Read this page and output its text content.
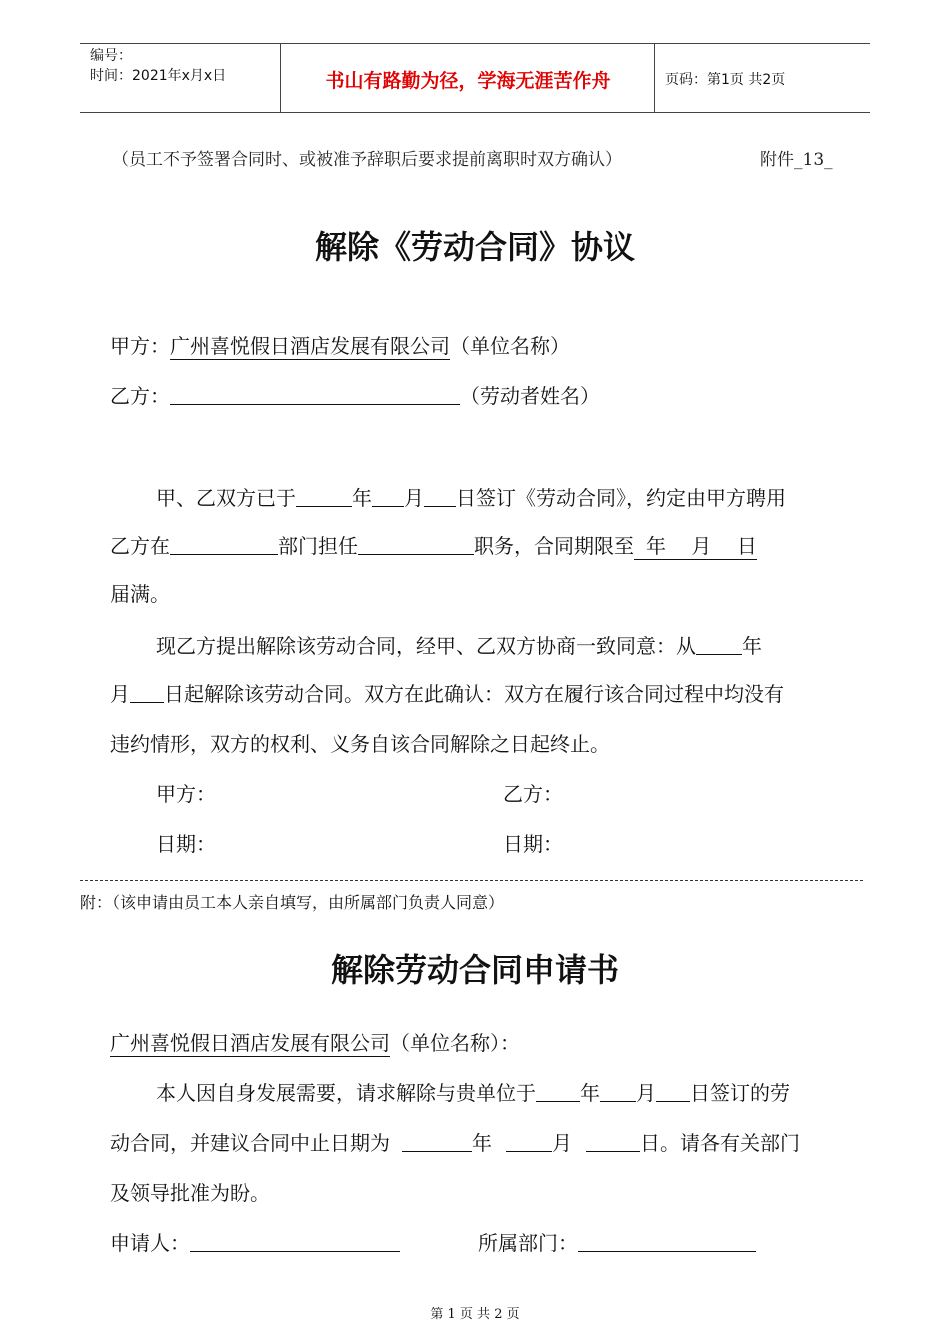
编号：
时间：2021年x月x日	书山有路勤为径，学海无涯苦作舟	页码：第1页 共2页
（员工不予签署合同时、或被准予辞职后要求提前离职时双方确认）	附件_13_
解除《劳动合同》协议
甲方：广州喜悦假日酒店发展有限公司（单位名称）
乙方：	（劳动者姓名）
甲、乙双方已于	年 月 日签订《劳动合同》，约定由甲方聘用
乙方在	部门担任	职务，合同期限至 年    月    日
届满。
现乙方提出解除该劳动合同，经甲、乙双方协商一致同意：从 年
月 日起解除该劳动合同。双方在此确认：双方在履行该合同过程中均没有
违约情形，双方的权利、义务自该合同解除之日起终止。
甲方：	乙方：
日期：	日期：
附：（该申请由员工本人亲自填写，由所属部门负责人同意）
解除劳动合同申请书
广州喜悦假日酒店发展有限公司（单位名称）：
本人因自身发展需要，请求解除与贵单位于 年 月 日签订的劳
动合同，并建议合同中止日期为	年	月	日。请各有关部门
及领导批准为盼。
申请人：	所属部门：
第 1 页 共 2 页
